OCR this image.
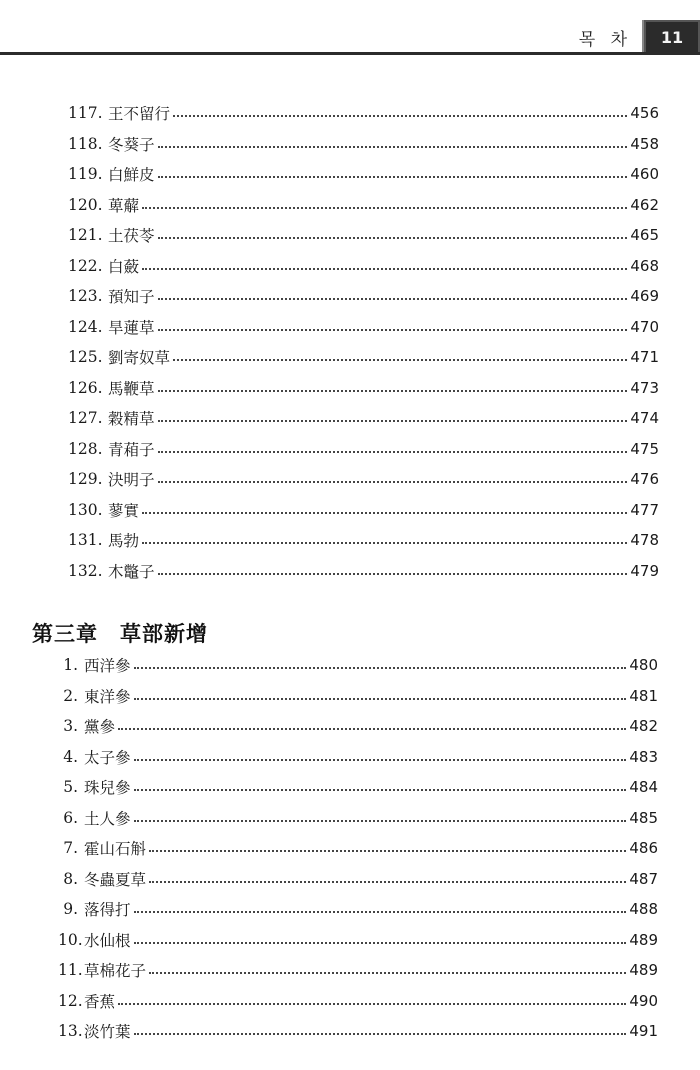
목 차	11
117. 王不留行	456
118. 冬葵子	458
119. 白鮮皮	460
120. 萆薢	462
121. 土茯苓	465
122. 白蘞	468
123. 預知子	469
124. 旱蓮草	470
125. 劉寄奴草	471
126. 馬鞭草	473
127. 穀精草	474
128. 青葙子	475
129. 決明子	476
130. 蓼實	477
131. 馬勃	478
132. 木鼈子	479
第三章　草部新增
1. 西洋參	480
2. 東洋參	481
3. 黨參	482
4. 太子參	483
5. 珠兒參	484
6. 土人參	485
7. 霍山石斛	486
8. 冬蟲夏草	487
9. 落得打	488
10. 水仙根	489
11. 草棉花子	489
12. 香蕉	490
13. 淡竹葉	491
